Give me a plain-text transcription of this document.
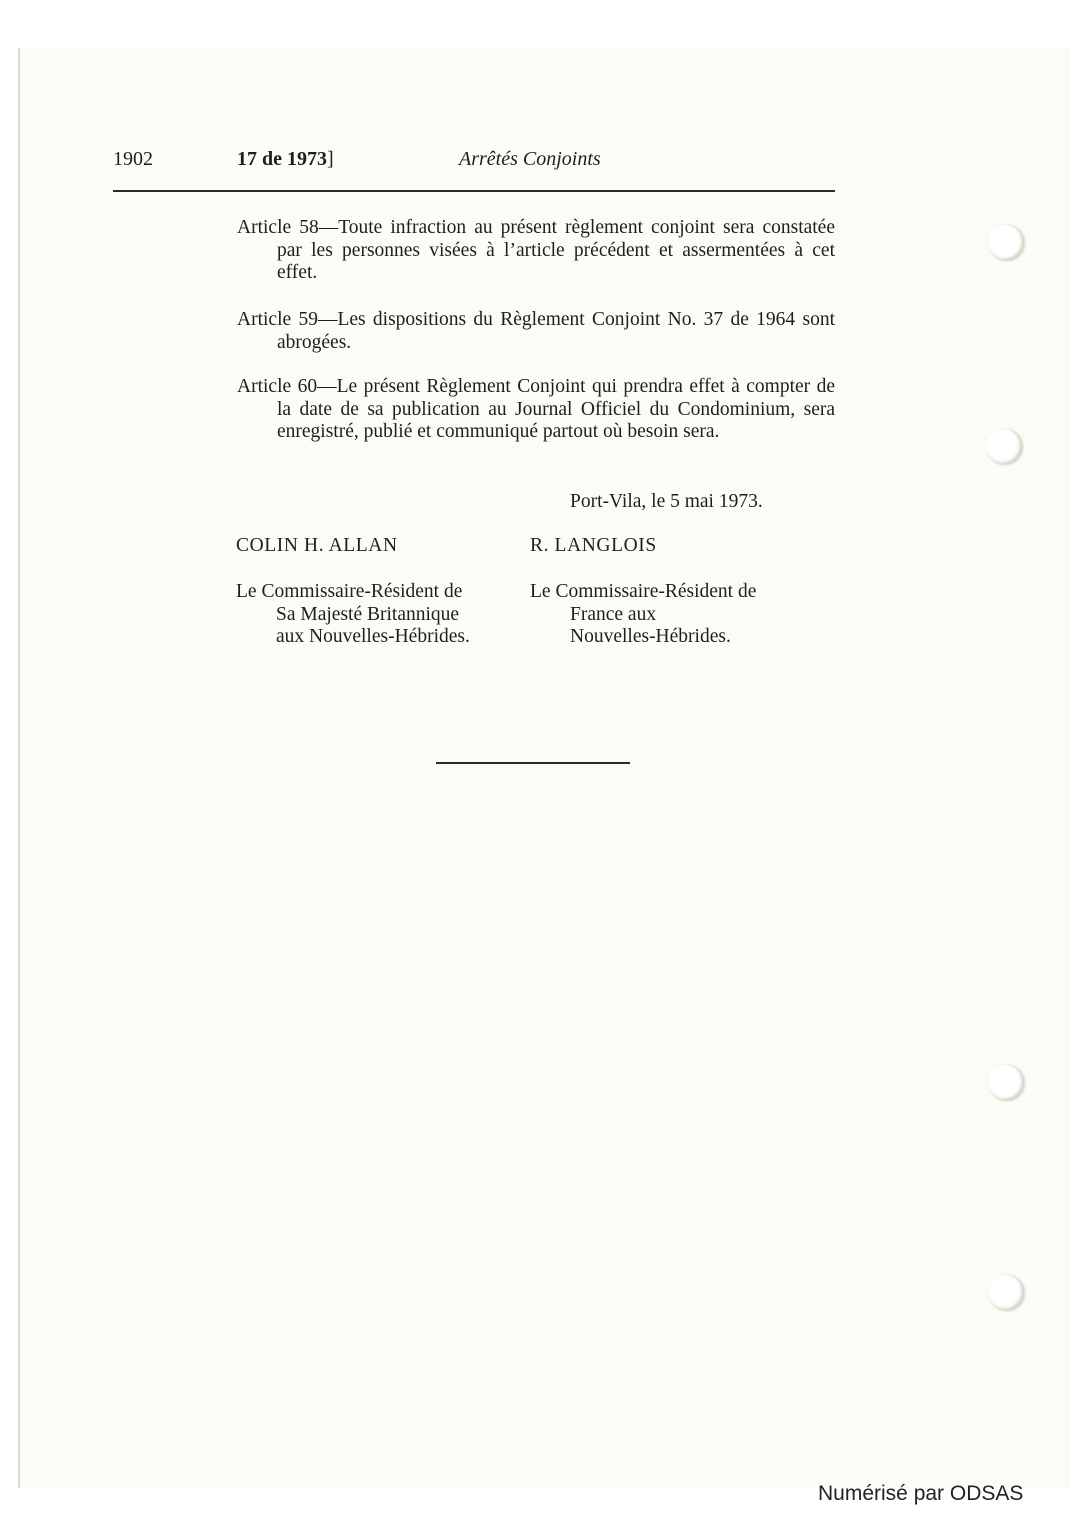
1902	17 de 1973]	Arrêtés Conjoints

Article 58—Toute infraction au présent règlement conjoint sera constatée par les personnes visées à l’article précédent et assermentées à cet effet.

Article 59—Les dispositions du Règlement Conjoint No. 37 de 1964 sont abrogées.

Article 60—Le présent Règlement Conjoint qui prendra effet à compter de la date de sa publication au Journal Officiel du Condominium, sera enregistré, publié et communiqué partout où besoin sera.

Port-Vila, le 5 mai 1973.
COLIN H. ALLAN	R. LANGLOIS
Le Commissaire-Résident de
Sa Majesté Britannique
aux Nouvelles-Hébrides.
Le Commissaire-Résident de
France aux
Nouvelles-Hébrides.
Numérisé par ODSAS
